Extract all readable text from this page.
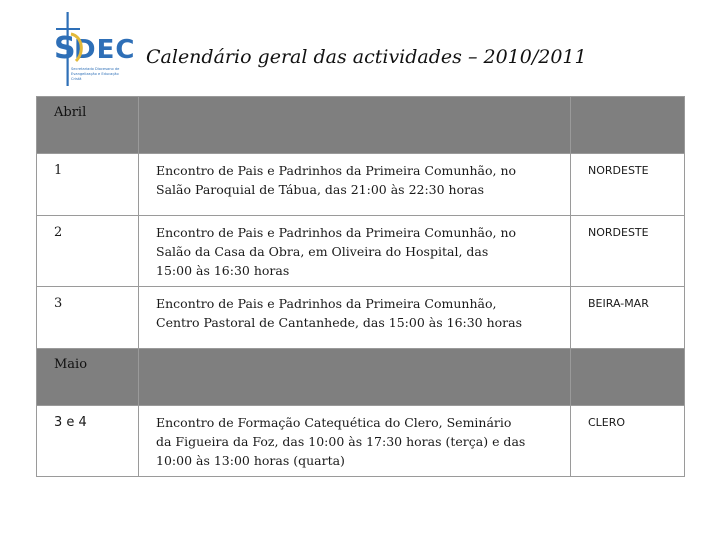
S
DEC
Secretariado Diocesano de
Evangelização e Educação
Cristã
Calendário geral das actividades – 2010/2011
Abril		
1	Encontro de Pais e Padrinhos da Primeira Comunhão, no
Salão Paroquial de Tábua, das 21:00 às 22:30 horas	NORDESTE
2	Encontro de Pais e Padrinhos da Primeira Comunhão, no
Salão da Casa da Obra, em Oliveira do Hospital, das
15:00 às 16:30 horas	NORDESTE
3	Encontro de Pais e Padrinhos da Primeira Comunhão,
Centro Pastoral de Cantanhede, das 15:00 às 16:30 horas	BEIRA-MAR
Maio		
3 e 4	Encontro de Formação Catequética do Clero, Seminário
da Figueira da Foz, das 10:00 às 17:30 horas (terça) e das
10:00 às 13:00 horas (quarta)	CLERO
